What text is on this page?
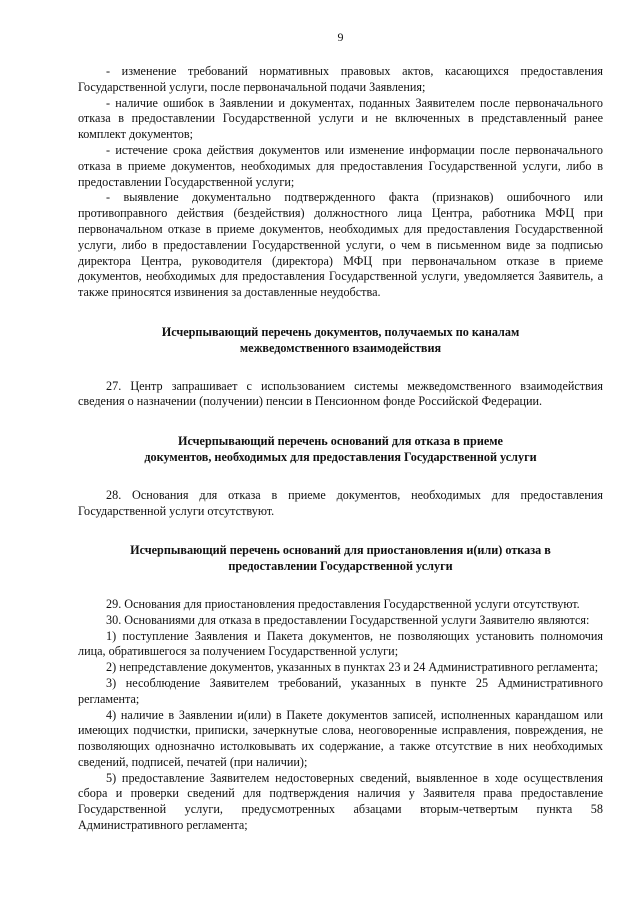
9

- изменение требований нормативных правовых актов, касающихся предоставления Государственной услуги, после первоначальной подачи Заявления;

- наличие ошибок в Заявлении и документах, поданных Заявителем после первоначального отказа в предоставлении Государственной услуги и не включенных в представленный ранее комплект документов;

- истечение срока действия документов или изменение информации после первоначального отказа в приеме документов, необходимых для предоставления Государственной услуги, либо в предоставлении Государственной услуги;

- выявление документально подтвержденного факта (признаков) ошибочного или противоправного действия (бездействия) должностного лица Центра, работника МФЦ при первоначальном отказе в приеме документов, необходимых для предоставления Государственной услуги, либо в предоставлении Государственной услуги, о чем в письменном виде за подписью директора Центра, руководителя (директора) МФЦ при первоначальном отказе в приеме документов, необходимых для предоставления Государственной услуги, уведомляется Заявитель, а также приносятся извинения за доставленные неудобства.

Исчерпывающий перечень документов, получаемых по каналам

межведомственного взаимодействия

27. Центр запрашивает с использованием системы межведомственного взаимодействия сведения о назначении (получении) пенсии в Пенсионном фонде Российской Федерации.

Исчерпывающий перечень оснований для отказа в приеме

документов, необходимых для предоставления Государственной услуги

28. Основания для отказа в приеме документов, необходимых для предоставления Государственной услуги отсутствуют.

Исчерпывающий перечень оснований для приостановления и(или) отказа в

предоставлении Государственной услуги

29. Основания для приостановления предоставления Государственной услуги отсутствуют.

30. Основаниями для отказа в предоставлении Государственной услуги Заявителю являются:

1) поступление Заявления и Пакета документов, не позволяющих установить полномочия лица, обратившегося за получением Государственной услуги;

2) непредставление документов, указанных в пунктах 23 и 24 Административного регламента;

3) несоблюдение Заявителем требований, указанных в пункте 25 Административного регламента;

4) наличие в Заявлении и(или) в Пакете документов записей, исполненных карандашом или имеющих подчистки, приписки, зачеркнутые слова, неоговоренные исправления, повреждения, не позволяющих однозначно истолковывать их содержание, а также отсутствие в них необходимых сведений, подписей, печатей (при наличии);

5) предоставление Заявителем недостоверных сведений, выявленное в ходе осуществления сбора и проверки сведений для подтверждения наличия у Заявителя права предоставление Государственной услуги, предусмотренных абзацами вторым-четвертым пункта 58 Административного регламента;
